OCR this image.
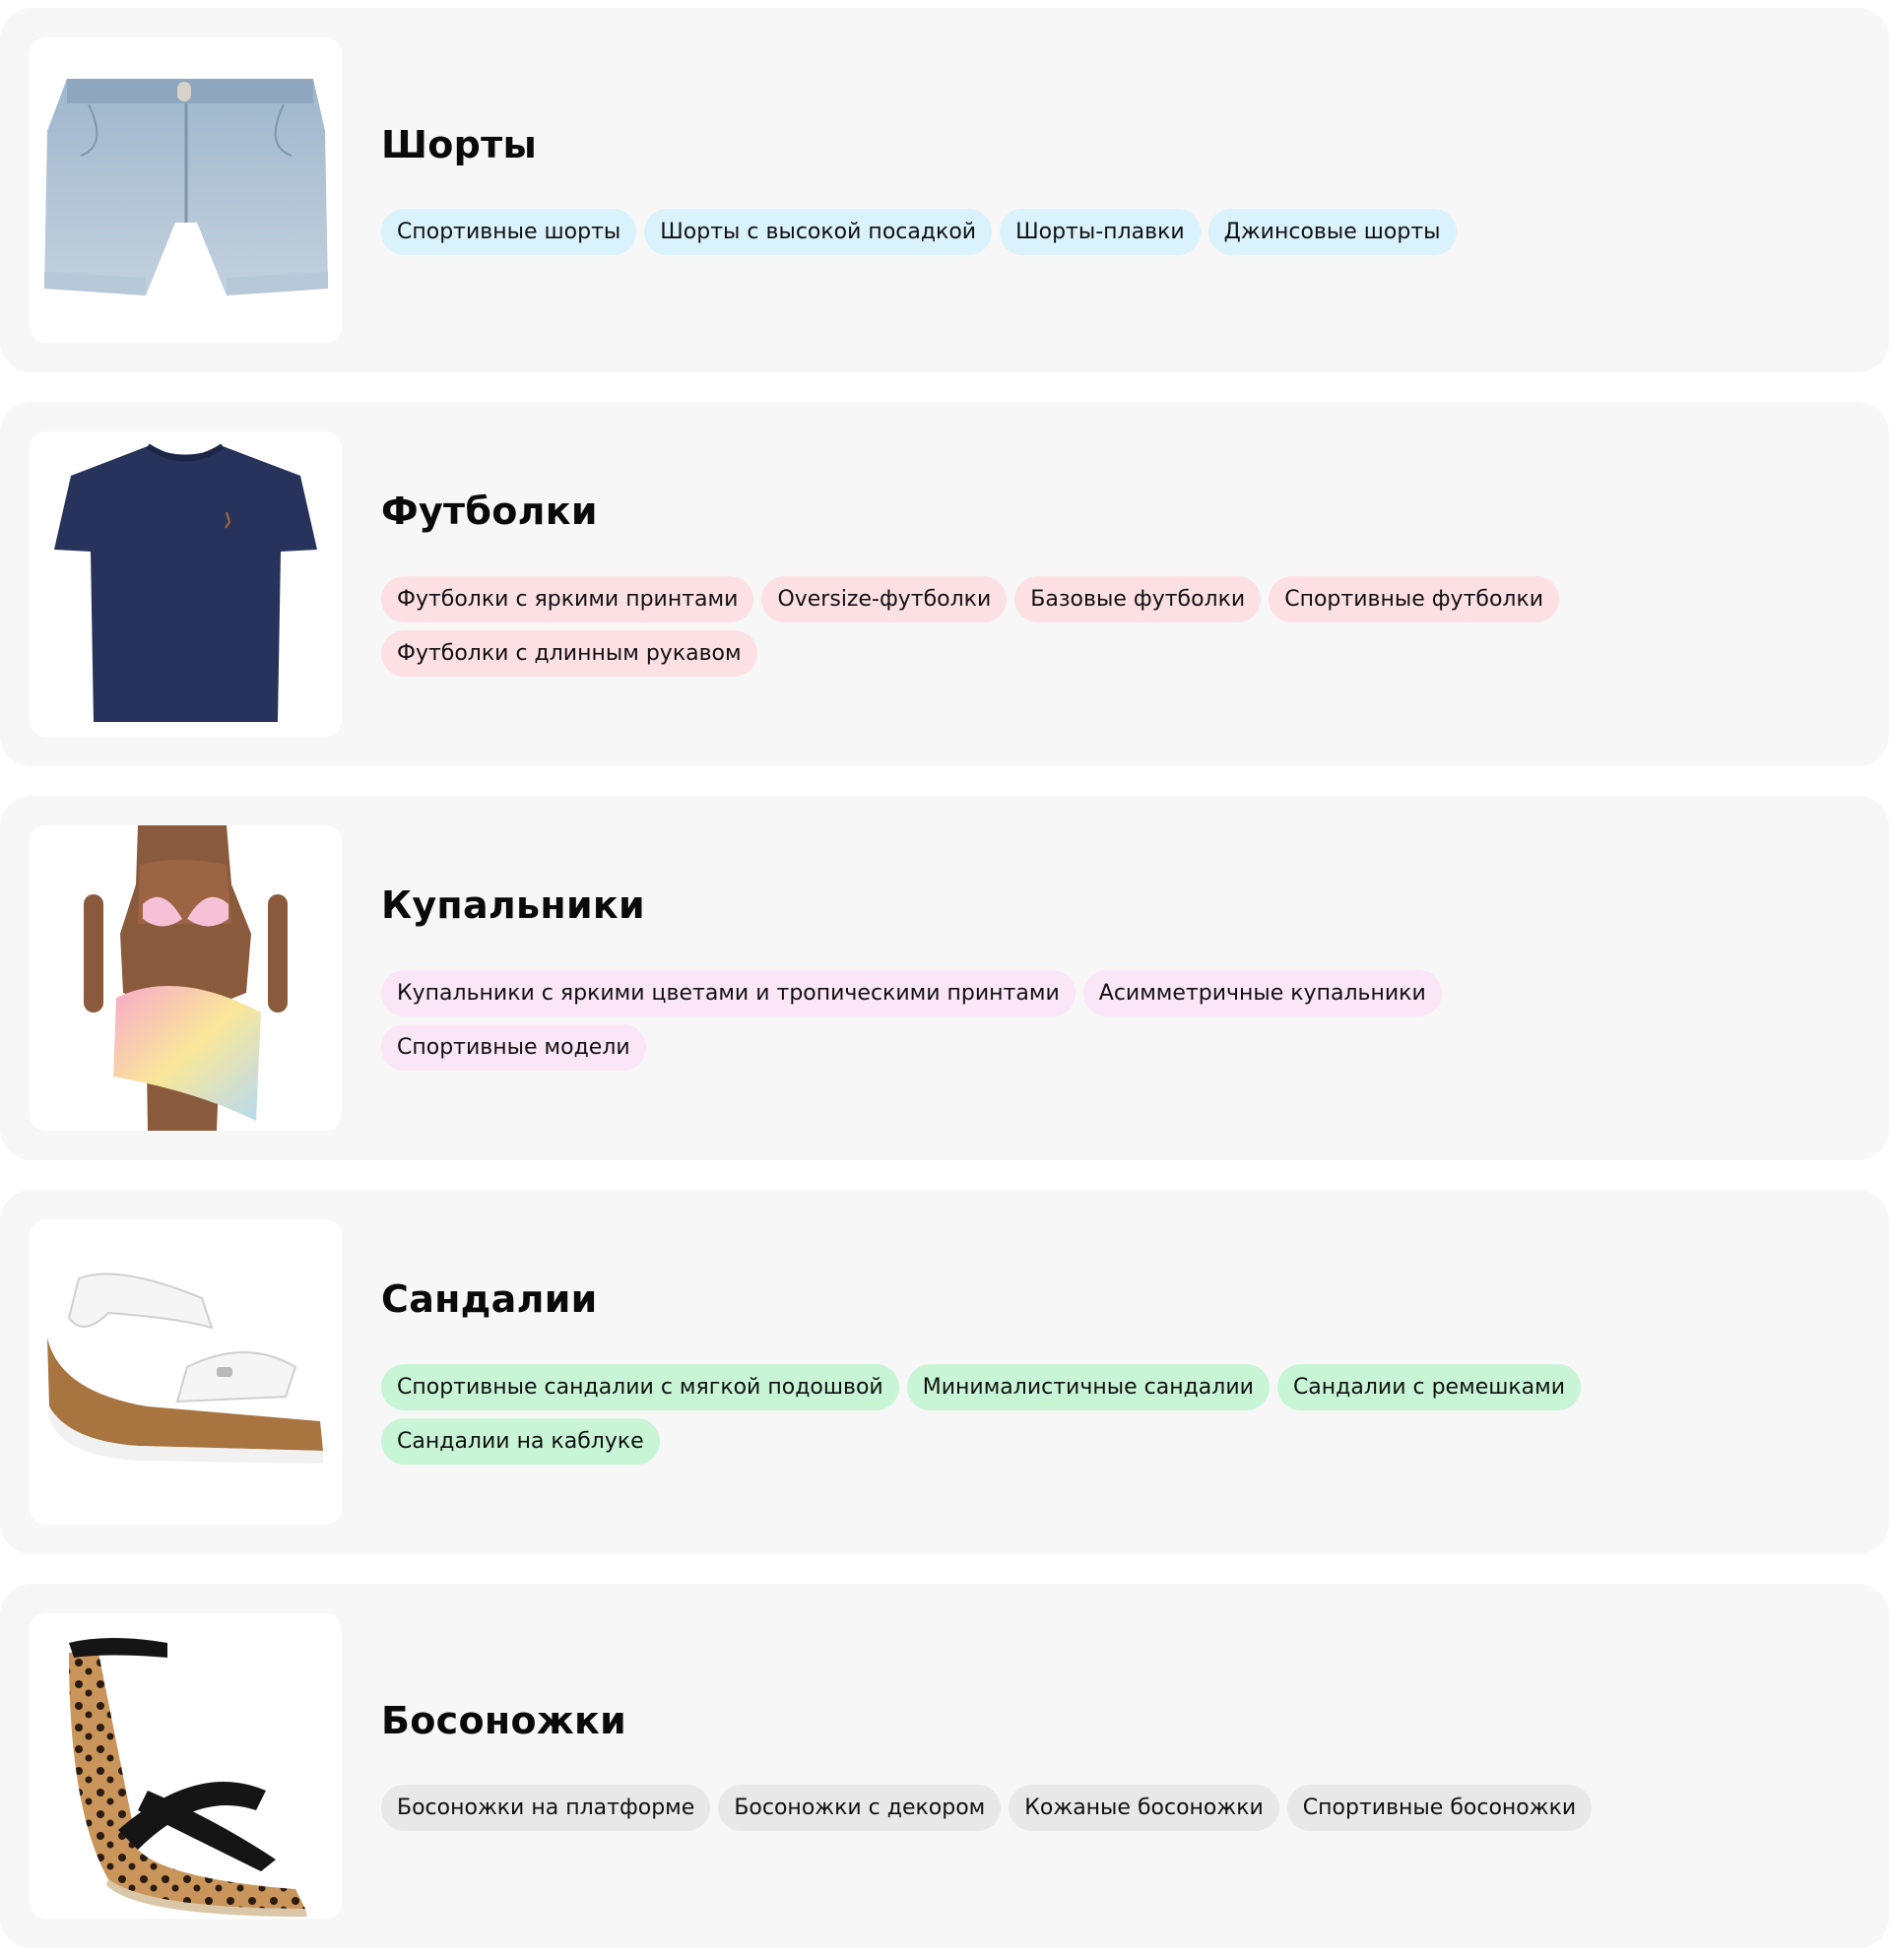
Шорты
Спортивные шорты	Шорты с высокой посадкой	Шорты-плавки	Джинсовые шорты
Футболки
Футболки с яркими принтами	Oversize-футболки	Базовые футболки	Спортивные футболки
Футболки с длинным рукавом
Купальники
Купальники с яркими цветами и тропическими принтами	Асимметричные купальники
Спортивные модели
Сандалии
Спортивные сандалии с мягкой подошвой	Минималистичные сандалии	Сандалии с ремешками
Сандалии на каблуке
Босоножки
Босоножки на платформе	Босоножки с декором	Кожаные босоножки	Спортивные босоножки
